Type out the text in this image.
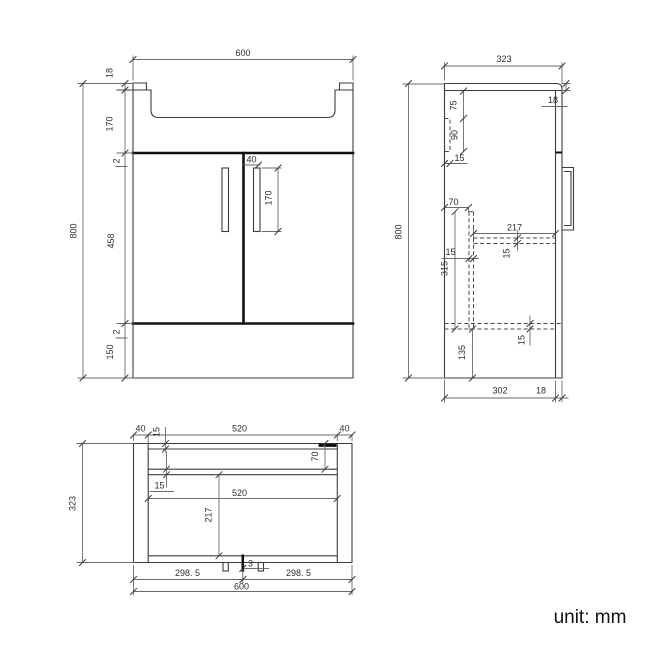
600
800
18
170
2
458
2
150
40
170
323
800
18
75
90
15
70
315
15
217
15
15
135
302	18
40 15	520	40
323
70
15
520
217
298. 5
3
298. 5
600
unit: mm
